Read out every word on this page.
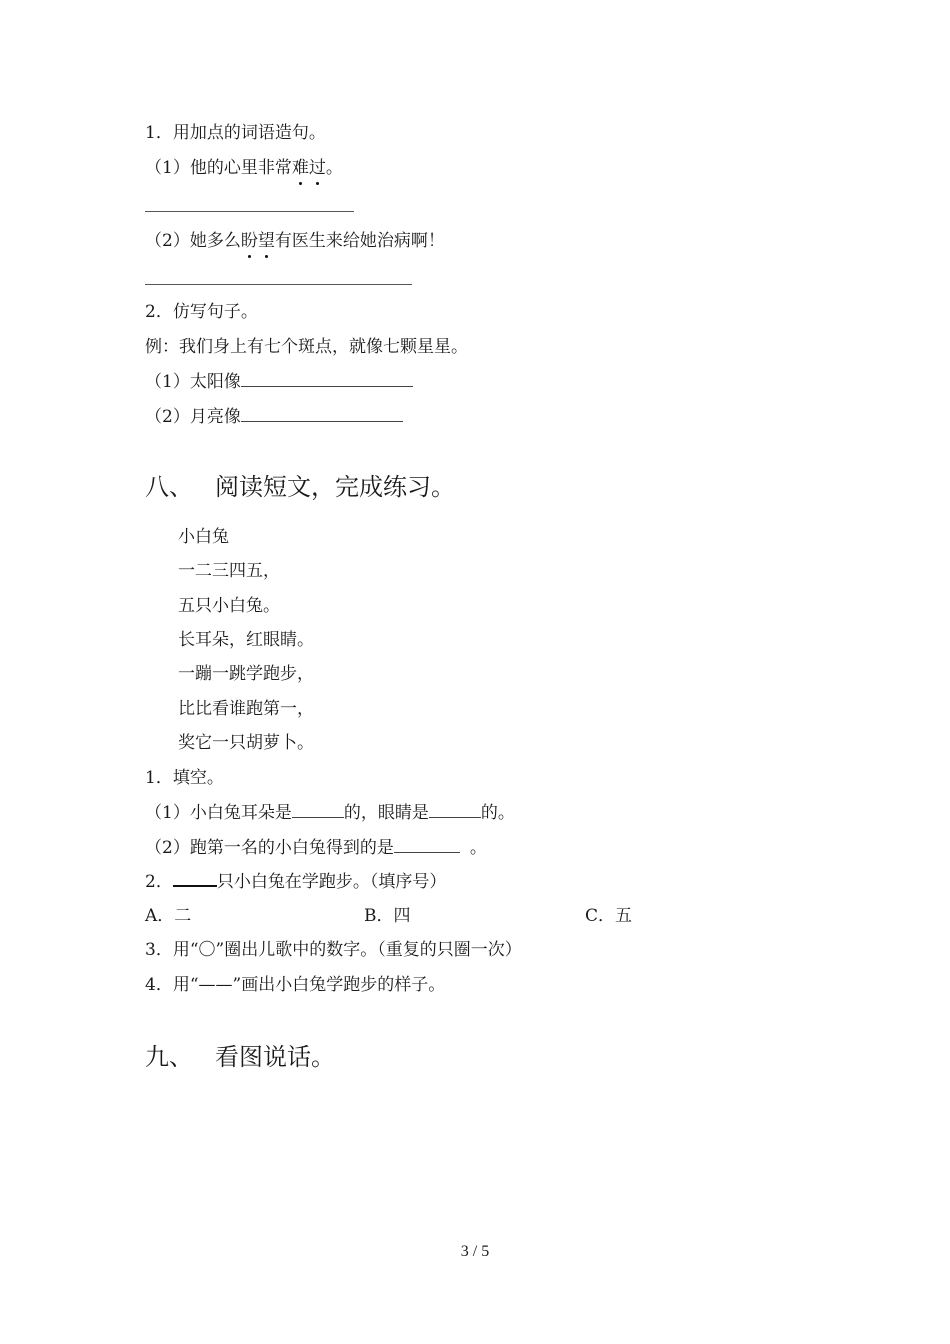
1．用加点的词语造句。
（1）他的心里非常难过。
（2）她多么盼望有医生来给她治病啊！
2．仿写句子。
例：我们身上有七个斑点，就像七颗星星。
（1）太阳像
（2）月亮像
八、 阅读短文，完成练习。
小白兔
一二三四五，
五只小白兔。
长耳朵，红眼睛。
一蹦一跳学跑步，
比比看谁跑第一，
奖它一只胡萝卜。
1．填空。
（1）小白兔耳朵是	的，眼睛是	的。
（2）跑第一名的小白兔得到的是	。
2．	只小白兔在学跑步。（填序号）
A．二	B．四	C．五
3．用“〇”圈出儿歌中的数字。（重复的只圈一次）
4．用“——”画出小白兔学跑步的样子。
九、 看图说话。
3 / 5
